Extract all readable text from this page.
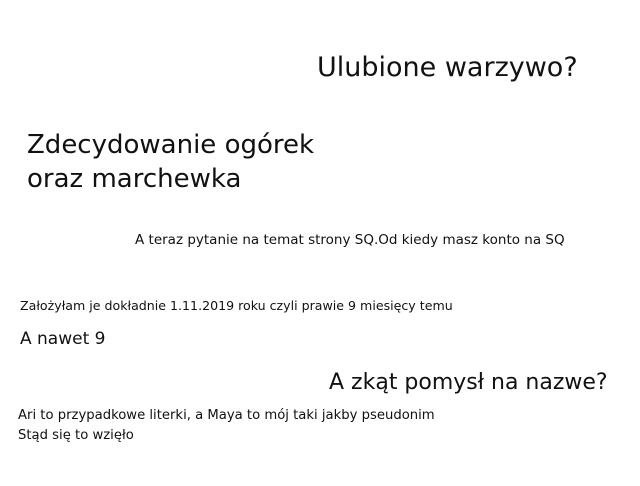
Ulubione warzywo?

Zdecydowanie ogórek
oraz marchewka

A teraz pytanie na temat strony SQ.Od kiedy masz konto na SQ

Założyłam je dokładnie 1.11.2019 roku czyli prawie 9 miesięcy temu

A nawet 9

A zkąt pomysł na nazwe?

Ari to przypadkowe literki, a Maya to mój taki jakby pseudonim
Stąd się to wzięło
